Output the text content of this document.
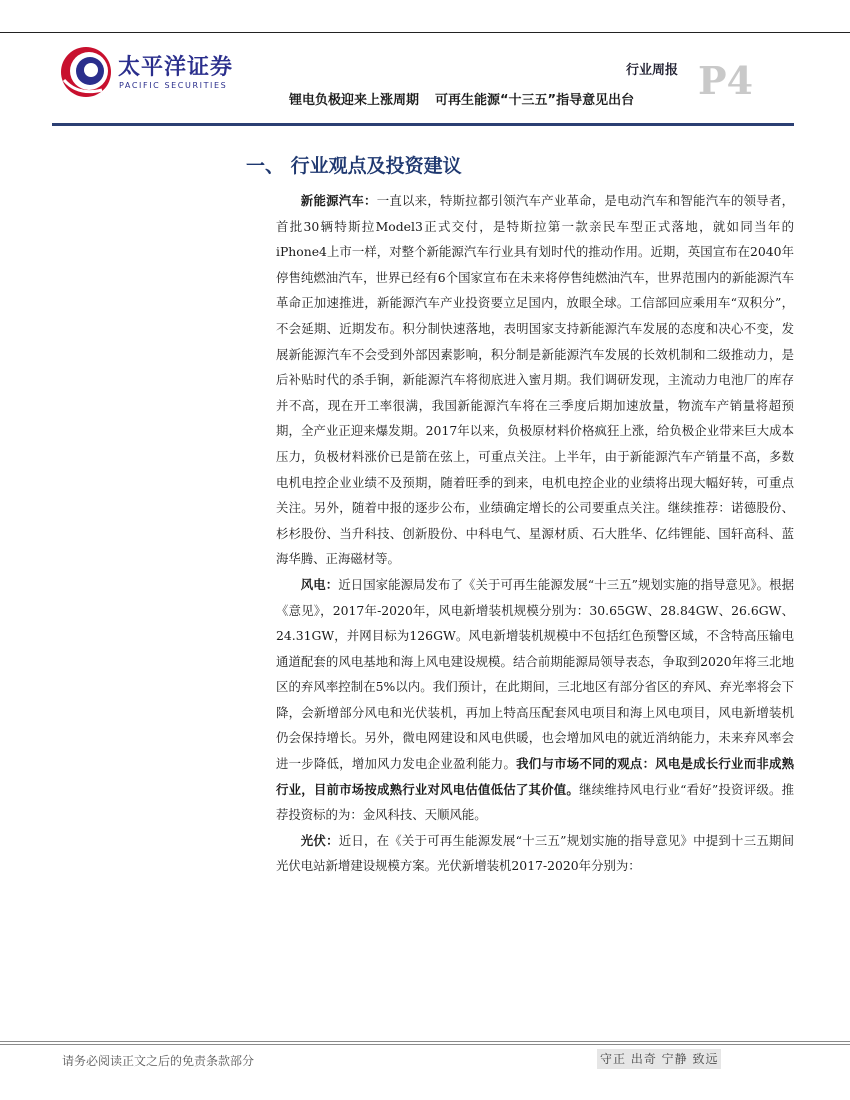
太平洋证券
PACIFIC SECURITIES
行业周报 P4
锂电负极迎来上涨周期 可再生能源“十三五”指导意见出台
一、 行业观点及投资建议

新能源汽车：一直以来，特斯拉都引领汽车产业革命，是电动汽车和智能汽车的领导者，首批30辆特斯拉Model3正式交付，是特斯拉第一款亲民车型正式落地，就如同当年的iPhone4上市一样，对整个新能源汽车行业具有划时代的推动作用。近期，英国宣布在2040年停售纯燃油汽车，世界已经有6个国家宣布在未来将停售纯燃油汽车，世界范围内的新能源汽车革命正加速推进，新能源汽车产业投资要立足国内，放眼全球。工信部回应乘用车“双积分”，不会延期、近期发布。积分制快速落地，表明国家支持新能源汽车发展的态度和决心不变，发展新能源汽车不会受到外部因素影响，积分制是新能源汽车发展的长效机制和二级推动力，是后补贴时代的杀手锏，新能源汽车将彻底进入蜜月期。我们调研发现，主流动力电池厂的库存并不高，现在开工率很满，我国新能源汽车将在三季度后期加速放量，物流车产销量将超预期，全产业正迎来爆发期。2017年以来，负极原材料价格疯狂上涨，给负极企业带来巨大成本压力，负极材料涨价已是箭在弦上，可重点关注。上半年，由于新能源汽车产销量不高，多数电机电控企业业绩不及预期，随着旺季的到来，电机电控企业的业绩将出现大幅好转，可重点关注。另外，随着中报的逐步公布，业绩确定增长的公司要重点关注。继续推荐：诺德股份、杉杉股份、当升科技、创新股份、中科电气、星源材质、石大胜华、亿纬锂能、国轩高科、蓝海华腾、正海磁材等。

风电：近日国家能源局发布了《关于可再生能源发展“十三五”规划实施的指导意见》。根据《意见》，2017年-2020年，风电新增装机规模分别为：30.65GW、28.84GW、26.6GW、24.31GW，并网目标为126GW。风电新增装机规模中不包括红色预警区域，不含特高压输电通道配套的风电基地和海上风电建设规模。结合前期能源局领导表态，争取到2020年将三北地区的弃风率控制在5%以内。我们预计，在此期间，三北地区有部分省区的弃风、弃光率将会下降，会新增部分风电和光伏装机，再加上特高压配套风电项目和海上风电项目，风电新增装机仍会保持增长。另外，微电网建设和风电供暖，也会增加风电的就近消纳能力，未来弃风率会进一步降低，增加风力发电企业盈利能力。我们与市场不同的观点：风电是成长行业而非成熟行业，目前市场按成熟行业对风电估值低估了其价值。继续维持风电行业“看好”投资评级。推荐投资标的为：金风科技、天顺风能。

光伏：近日，在《关于可再生能源发展“十三五”规划实施的指导意见》中提到十三五期间光伏电站新增建设规模方案。光伏新增装机2017-2020年分别为：

请务必阅读正文之后的免责条款部分	守正 出奇 宁静 致远
